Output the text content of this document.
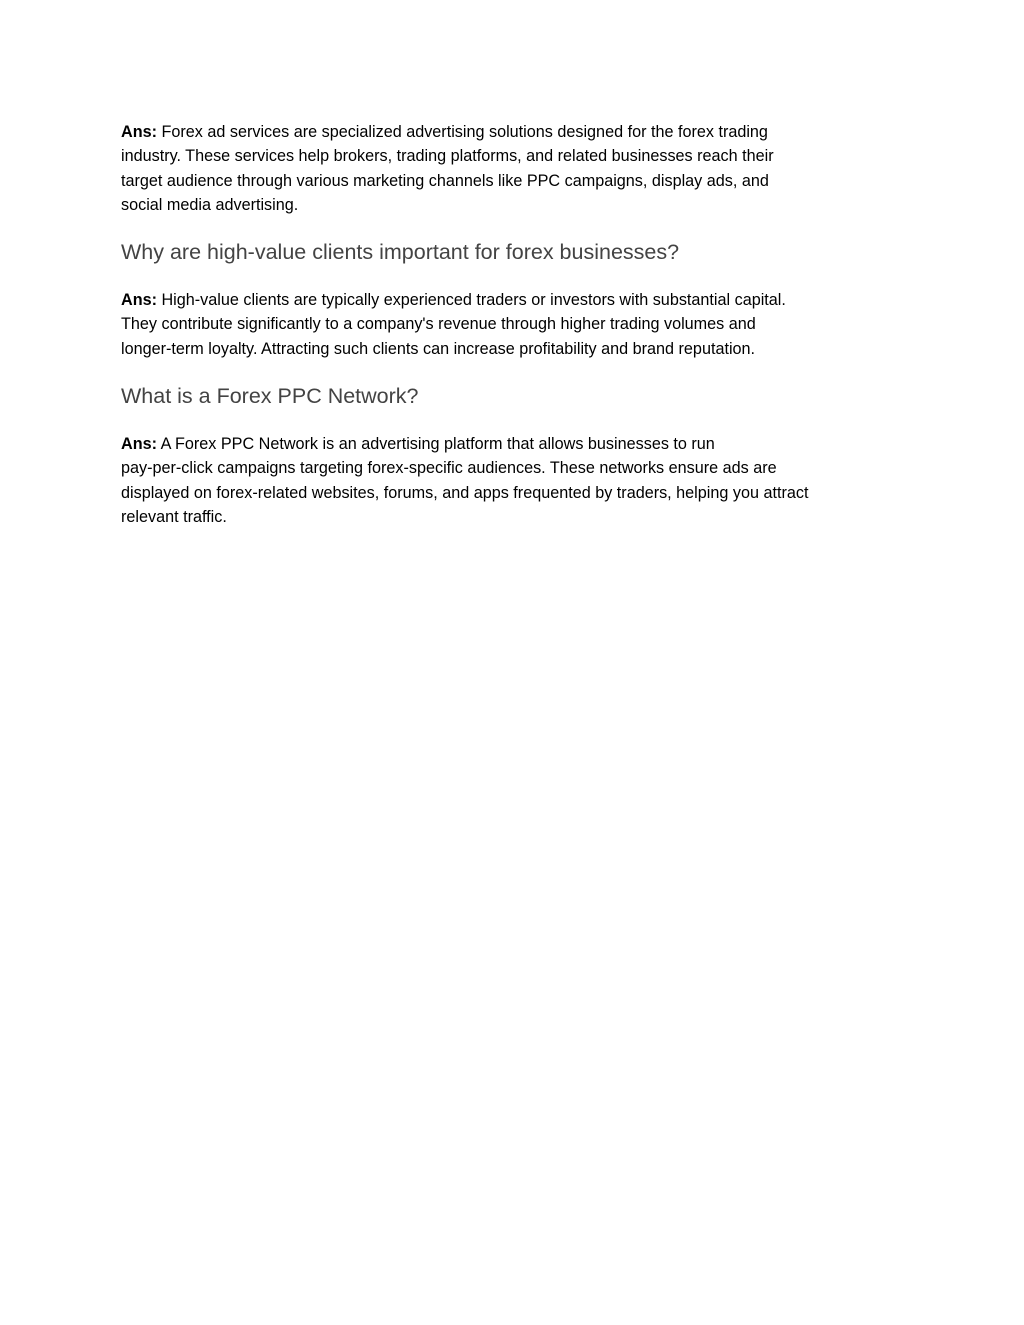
Ans: Forex ad services are specialized advertising solutions designed for the forex trading
industry. These services help brokers, trading platforms, and related businesses reach their
target audience through various marketing channels like PPC campaigns, display ads, and
social media advertising.

Why are high-value clients important for forex businesses?

Ans: High-value clients are typically experienced traders or investors with substantial capital.
They contribute significantly to a company's revenue through higher trading volumes and
longer-term loyalty. Attracting such clients can increase profitability and brand reputation.

What is a Forex PPC Network?

Ans: A Forex PPC Network is an advertising platform that allows businesses to run
pay-per-click campaigns targeting forex-specific audiences. These networks ensure ads are
displayed on forex-related websites, forums, and apps frequented by traders, helping you attract
relevant traffic.
